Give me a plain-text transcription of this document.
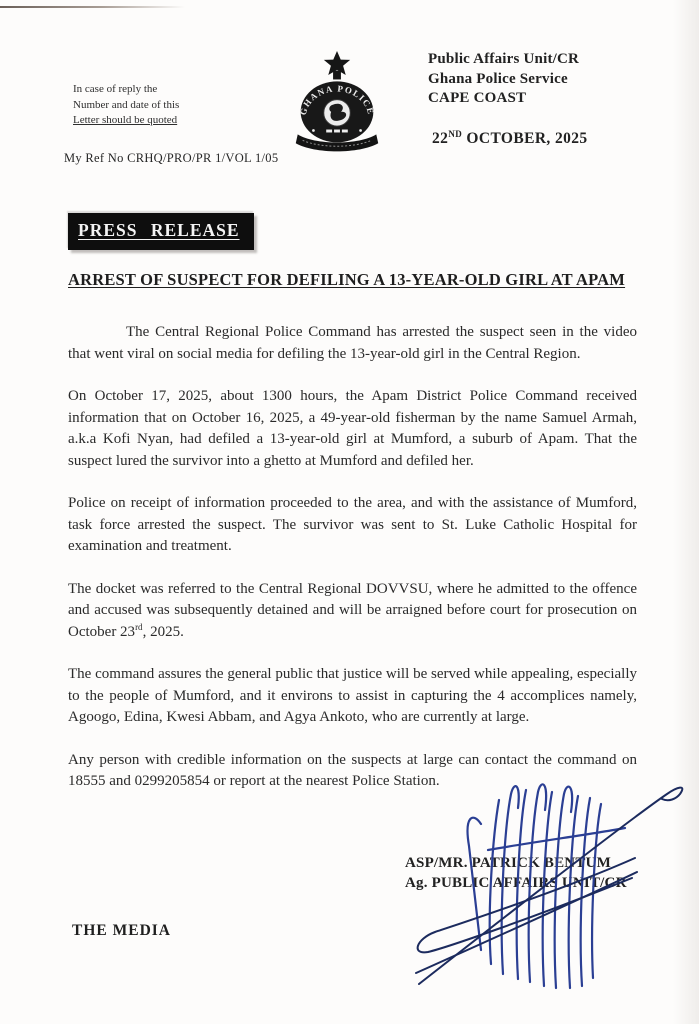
In case of reply the
Number and date of this
Letter should be quoted
My Ref No CRHQ/PRO/PR 1/VOL 1/05
GHANA POLICE
Public Affairs Unit/CR
Ghana Police Service
CAPE COAST
22ND OCTOBER, 2025
PRESS RELEASE
ARREST OF SUSPECT FOR DEFILING A 13-YEAR-OLD GIRL AT APAM

The Central Regional Police Command has arrested the suspect seen in the video that went viral on social media for defiling the 13-year-old girl in the Central Region.

On October 17, 2025, about 1300 hours, the Apam District Police Command received information that on October 16, 2025, a 49-year-old fisherman by the name Samuel Armah, a.k.a Kofi Nyan, had defiled a 13-year-old girl at Mumford, a suburb of Apam. That the suspect lured the survivor into a ghetto at Mumford and defiled her.

Police on receipt of information proceeded to the area, and with the assistance of Mumford, task force arrested the suspect. The survivor was sent to St. Luke Catholic Hospital for examination and treatment.

The docket was referred to the Central Regional DOVVSU, where he admitted to the offence and accused was subsequently detained and will be arraigned before court for prosecution on October 23rd, 2025.

The command assures the general public that justice will be served while appealing, especially to the people of Mumford, and it environs to assist in capturing the 4 accomplices namely, Agoogo, Edina, Kwesi Abbam, and Agya Ankoto, who are currently at large.

Any person with credible information on the suspects at large can contact the command on 18555 and 0299205854 or report at the nearest Police Station.

ASP/MR. PATRICK BENTUM
Ag. PUBLIC AFFAIRS UNIT/CR
THE MEDIA
